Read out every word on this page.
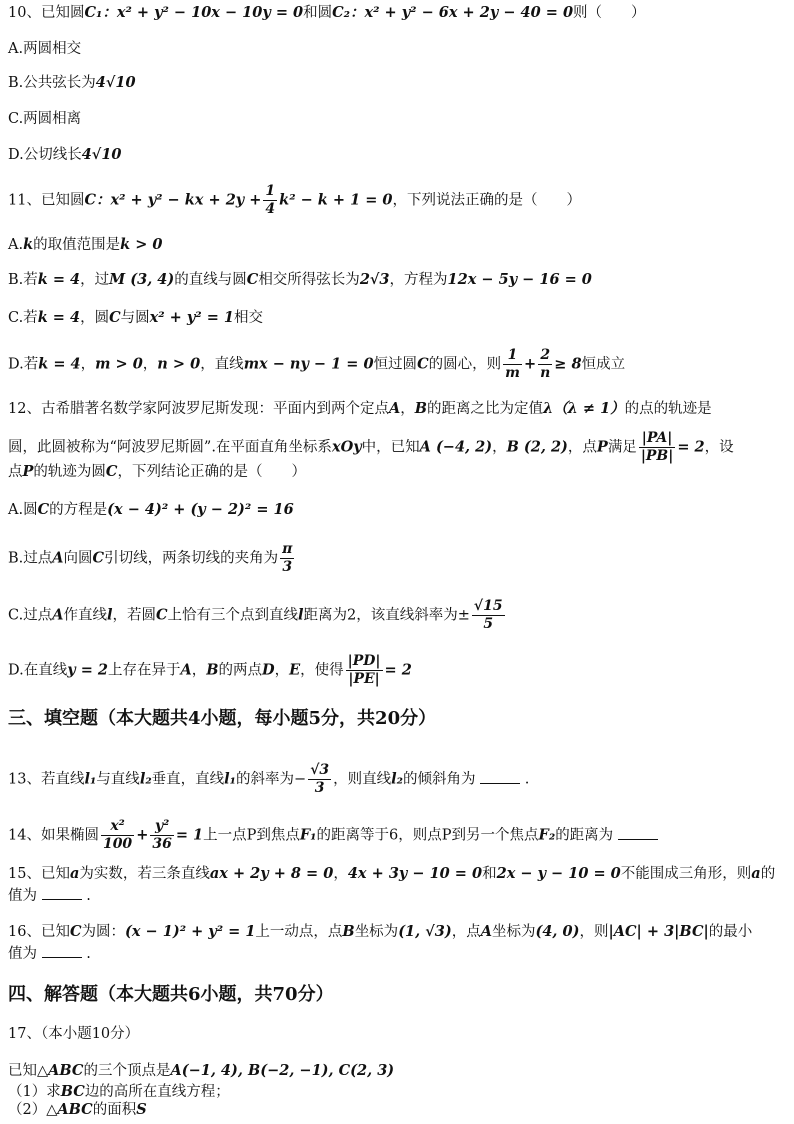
10、已知圆C₁：x² + y² − 10x − 10y = 0和圆C₂：x² + y² − 6x + 2y − 40 = 0则（　　）
A.两圆相交
B.公共弦长为4√10
C.两圆相离
D.公切线长4√10
11、已知圆C：x² + y² − kx + $2y + \frac{1}{4} k^2 - k + 1 = 0$，下列说法正确的是（　　）
A.k的取值范围是k > 0
B.若k = 4，过M (3, 4)的直线与圆C相交所得弦长为2√3，方程为12x − 5y − 16 = 0
C.若k = 4，圆C与圆x² + y² = 1相交
D.若k = 4，m > 0，n > 0，直线mx − ny − 1 = 0恒过圆C的圆心，则 $\frac{1}{m} + \frac{2}{n} \ge 8$恒成立
12、古希腊著名数学家阿波罗尼斯发现：平面内到两个定点A，B的距离之比为定值λ（λ ≠ 1）的点的轨迹是
圆，此圆被称为“阿波罗尼斯圆”.在平面直角坐标系xOy中，已知A (−4, 2)，B (2, 2)，点P满足 $\frac{|PA|}{|PB|} = 2$，设
点P的轨迹为圆C，下列结论正确的是（　　）
A.圆C的方程是(x − 4)² + (y − 2)² = 16
B.过点A向圆C引切线，两条切线的夹角为 $\frac{\pi}{3}$
C.过点A作直线l，若圆C上恰有三个点到直线l距离为2，该直线斜率为± $\frac{√15}{5}$
D.在直线y = 2上存在异于A，B的两点D，E，使得 $\frac{|PD|}{|PE|} = 2$
三、填空题（本大题共4小题，每小题5分，共20分）
13、若直线l₁与直线l₂垂直，直线l₁的斜率为− $\frac{√3}{3}$ ，则直线l₂的倾斜角为	.
14、如果椭圆 $\frac{\text{x²}}{100} + \frac{\text{y²}}{36} = 1$上一点P到焦点F₁的距离等于6，则点P到另一个焦点F₂的距离为
15、已知a为实数，若三条直线ax + 2y + 8 = 0，4x + 3y − 10 = 0和2x − y − 10 = 0不能围成三角形，则a的
值为	.
16、已知C为圆：(x − 1)² + y² = 1上一动点，点B坐标为(1, √3)，点A坐标为(4, 0)，则|AC| + 3|BC|的最小
值为	.
四、解答题（本大题共6小题，共70分）
17、（本小题10分）
已知△ABC的三个顶点是A(−1, 4), B(−2, −1), C(2, 3)
（1）求BC边的高所在直线方程；
（2）△ABC的面积S
